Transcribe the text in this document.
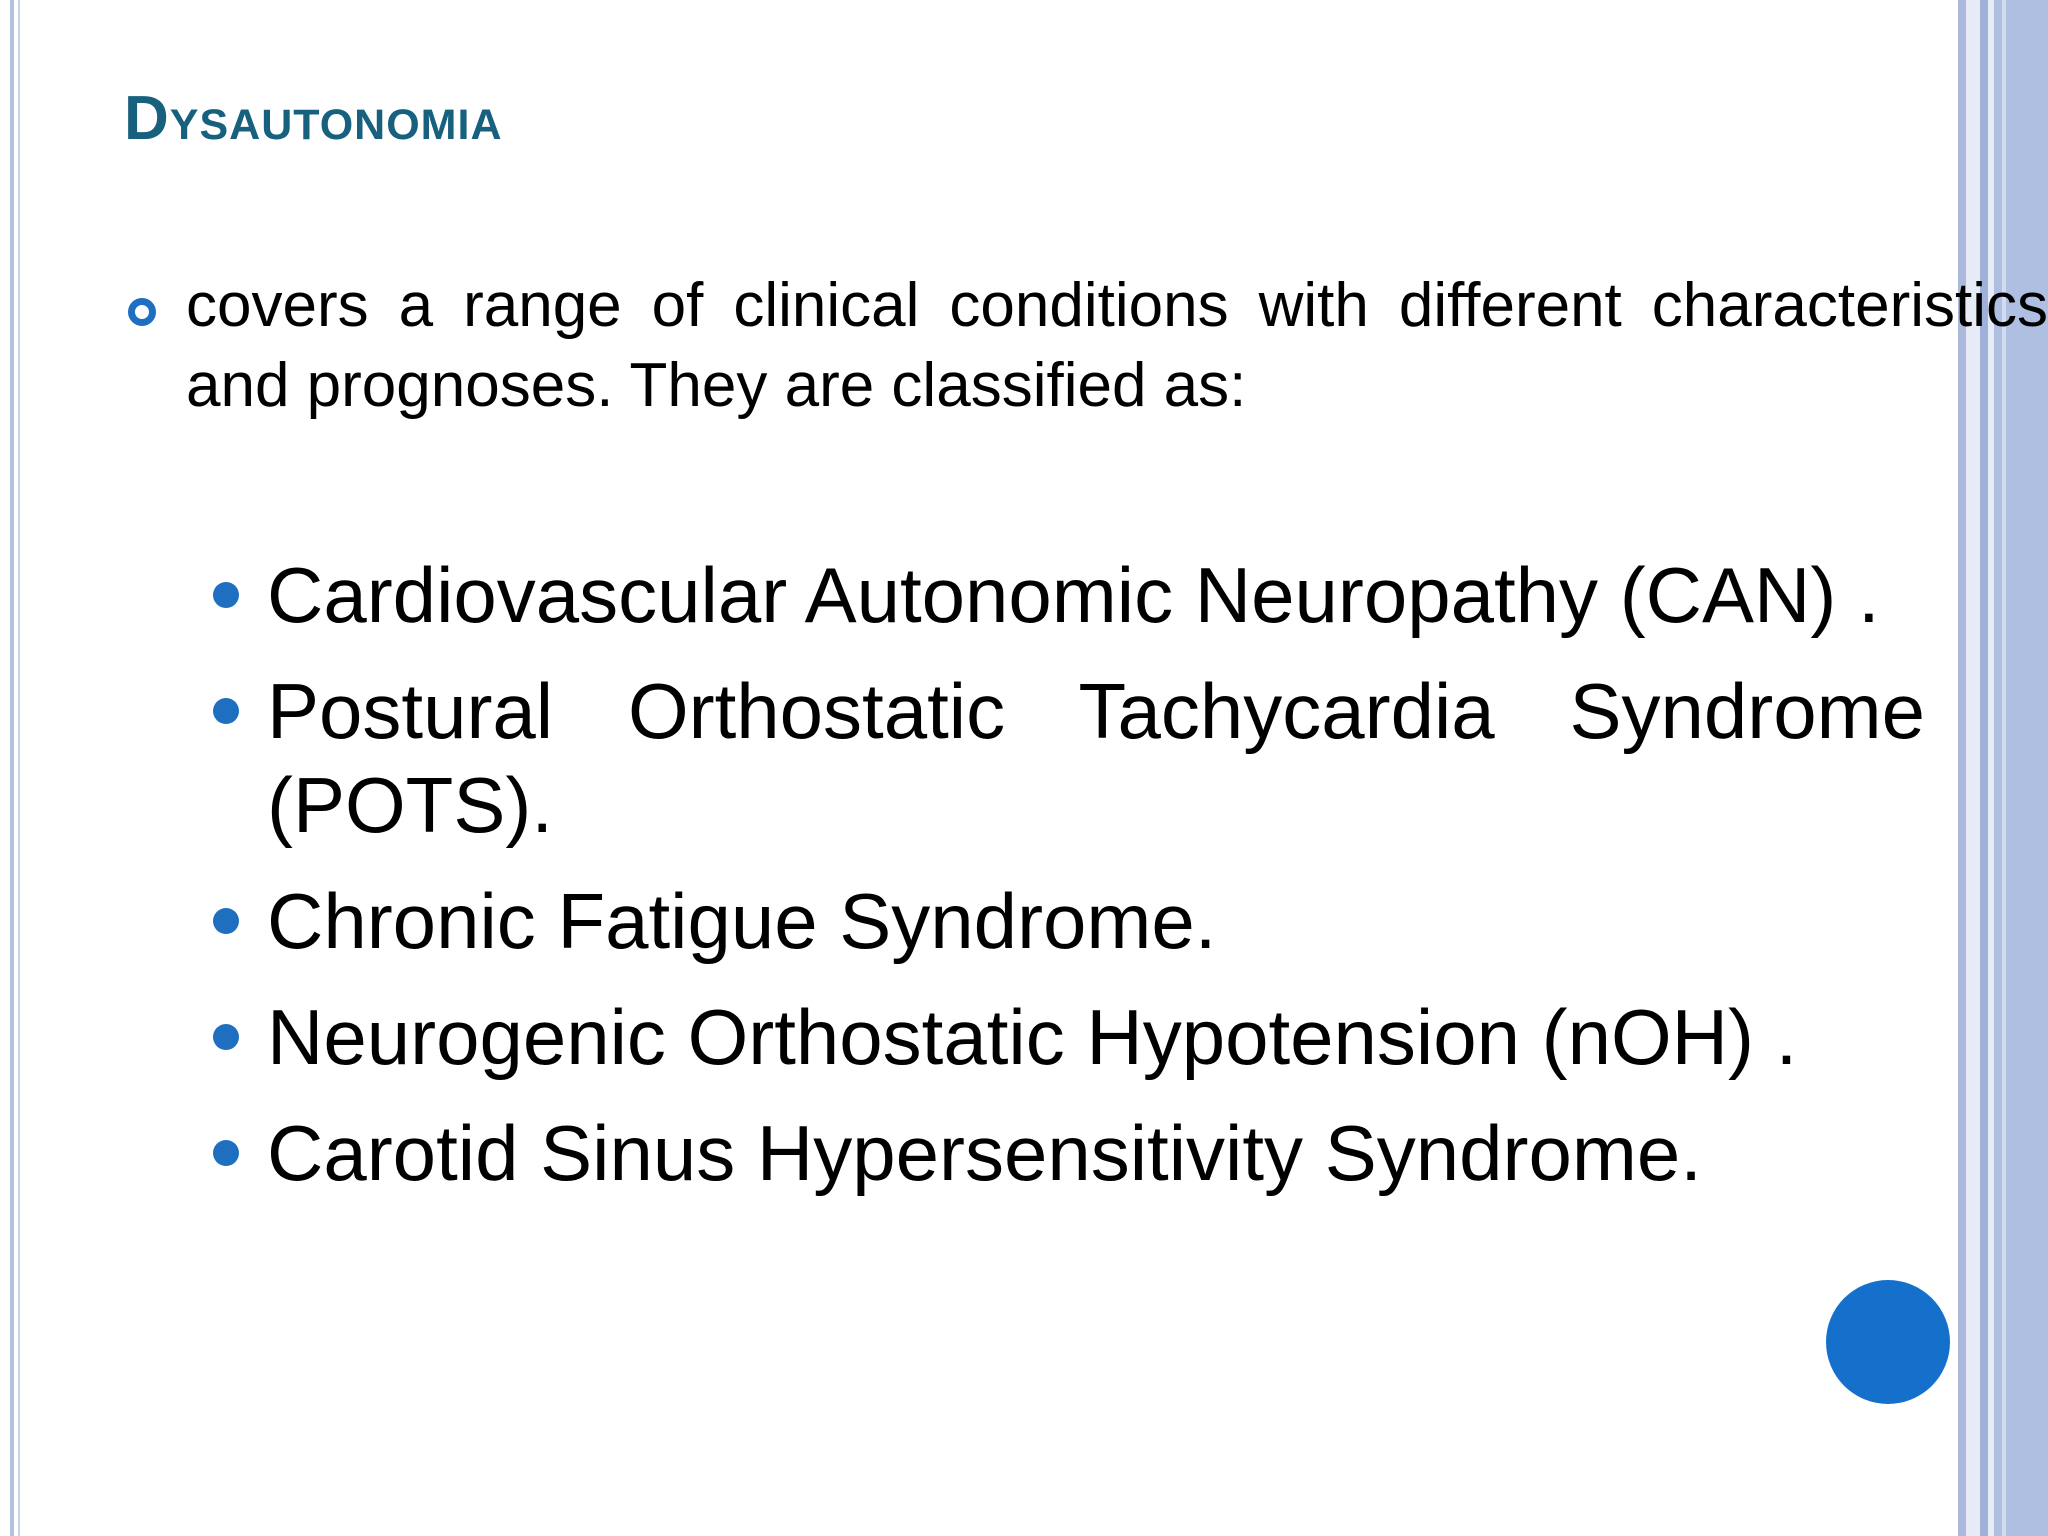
Dysautonomia

covers a range of clinical conditions with different characteristics and prognoses. They are classified as:

Cardiovascular Autonomic Neuropathy (CAN) .
Postural Orthostatic Tachycardia Syndrome (POTS).
Chronic Fatigue Syndrome.
Neurogenic Orthostatic Hypotension (nOH) .
Carotid Sinus Hypersensitivity Syndrome.
